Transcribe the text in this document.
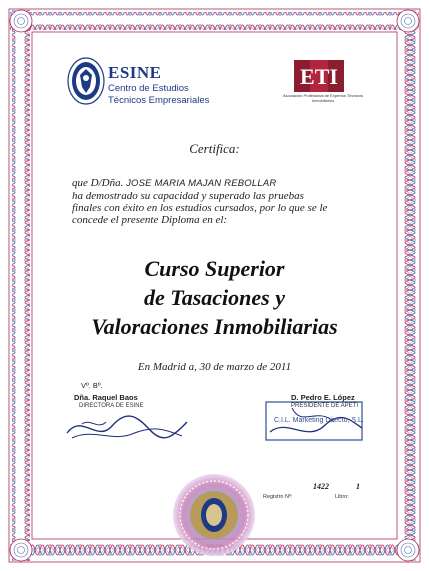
ESINE
Centro de Estudios
Técnicos Empresariales
ETI
Asociación Profesional de Expertos Técnicos Inmobiliarios
Certifica:
que D/Dña. JOSE MARIA MAJAN REBOLLAR
ha demostrado su capacidad y superado las pruebas
finales con éxito en los estudios cursados, por lo que se le
concede el presente Diploma en el:
Curso Superior
de Tasaciones y
Valoraciones Inmobiliarias
En Madrid a, 30 de marzo de 2011
Vº. Bº.
Dña. Raquel Baos
DIRECTORA DE ESINE
D. Pedro E. López
PRESIDENTE DE APETI
C.I.L. Marketing Directo, S.L.
1422	1
Registro Nº:	Libro:
